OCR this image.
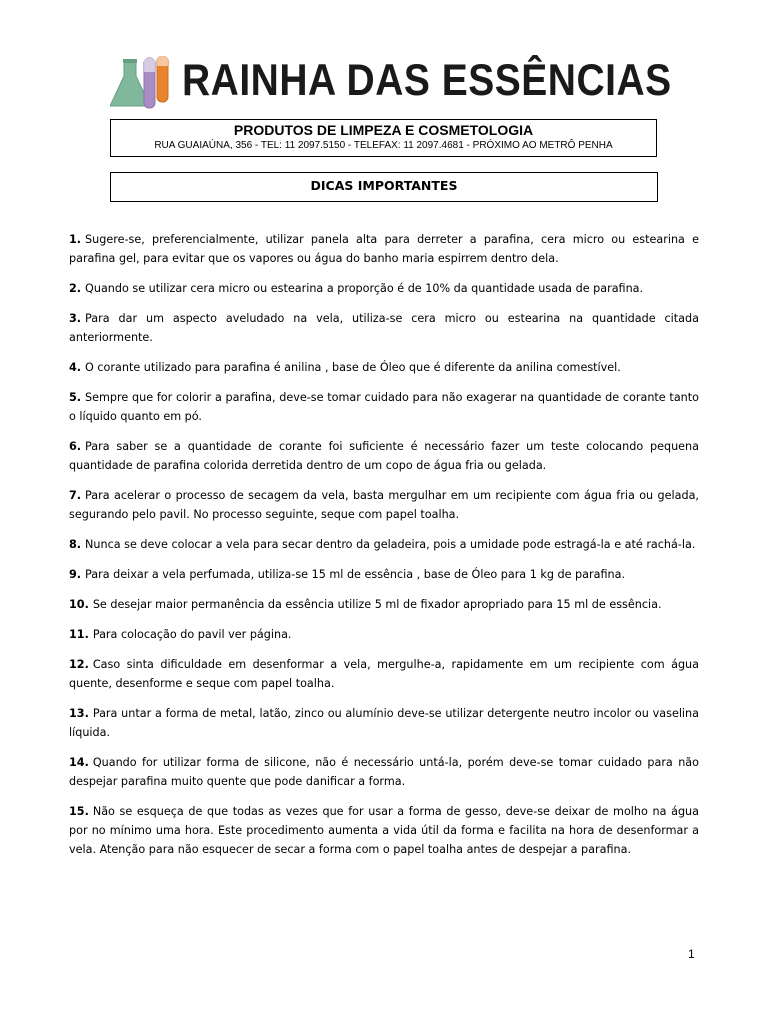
RAINHA DAS ESSÊNCIAS
PRODUTOS DE LIMPEZA E COSMETOLOGIA
RUA GUAIAÚNA, 356 - TEL: 11 2097.5150 - TELEFAX: 11 2097.4681 - PRÓXIMO AO METRÔ PENHA
DICAS IMPORTANTES
1. Sugere-se, preferencialmente, utilizar panela alta para derreter a parafina, cera micro ou estearina e parafina gel, para evitar que os vapores ou água do banho maria espirrem dentro dela.
2. Quando se utilizar cera micro ou estearina a proporção é de 10% da quantidade usada de parafina.
3. Para dar um aspecto aveludado na vela, utiliza-se cera micro ou estearina na quantidade citada anteriormente.
4. O corante utilizado para parafina é anilina , base de Óleo que é diferente da anilina comestível.
5. Sempre que for colorir a parafina, deve-se tomar cuidado para não exagerar na quantidade de corante tanto o líquido quanto em pó.
6. Para saber se a quantidade de corante foi suficiente é necessário fazer um teste colocando pequena quantidade de parafina colorida derretida dentro de um copo de água fria ou gelada.
7. Para acelerar o processo de secagem da vela, basta mergulhar em um recipiente com água fria ou gelada, segurando pelo pavil. No processo seguinte, seque com papel toalha.
8. Nunca se deve colocar a vela para secar dentro da geladeira, pois a umidade pode estragá-la e até rachá-la.
9. Para deixar a vela perfumada, utiliza-se 15 ml de essência , base de Óleo para 1 kg de parafina.
10. Se desejar maior permanência da essência utilize 5 ml de fixador apropriado para 15 ml de essência.
11. Para colocação do pavil ver página.
12. Caso sinta dificuldade em desenformar a vela, mergulhe-a, rapidamente em um recipiente com água quente, desenforme e seque com papel toalha.
13. Para untar a forma de metal, latão, zinco ou alumínio deve-se utilizar detergente neutro incolor ou vaselina líquida.
14. Quando for utilizar forma de silicone, não é necessário untá-la, porém deve-se tomar cuidado para não despejar parafina muito quente que pode danificar a forma.
15. Não se esqueça de que todas as vezes que for usar a forma de gesso, deve-se deixar de molho na água por no mínimo uma hora. Este procedimento aumenta a vida útil da forma e facilita na hora de desenformar a vela. Atenção para não esquecer de secar a forma com o papel toalha antes de despejar a parafina.
1
